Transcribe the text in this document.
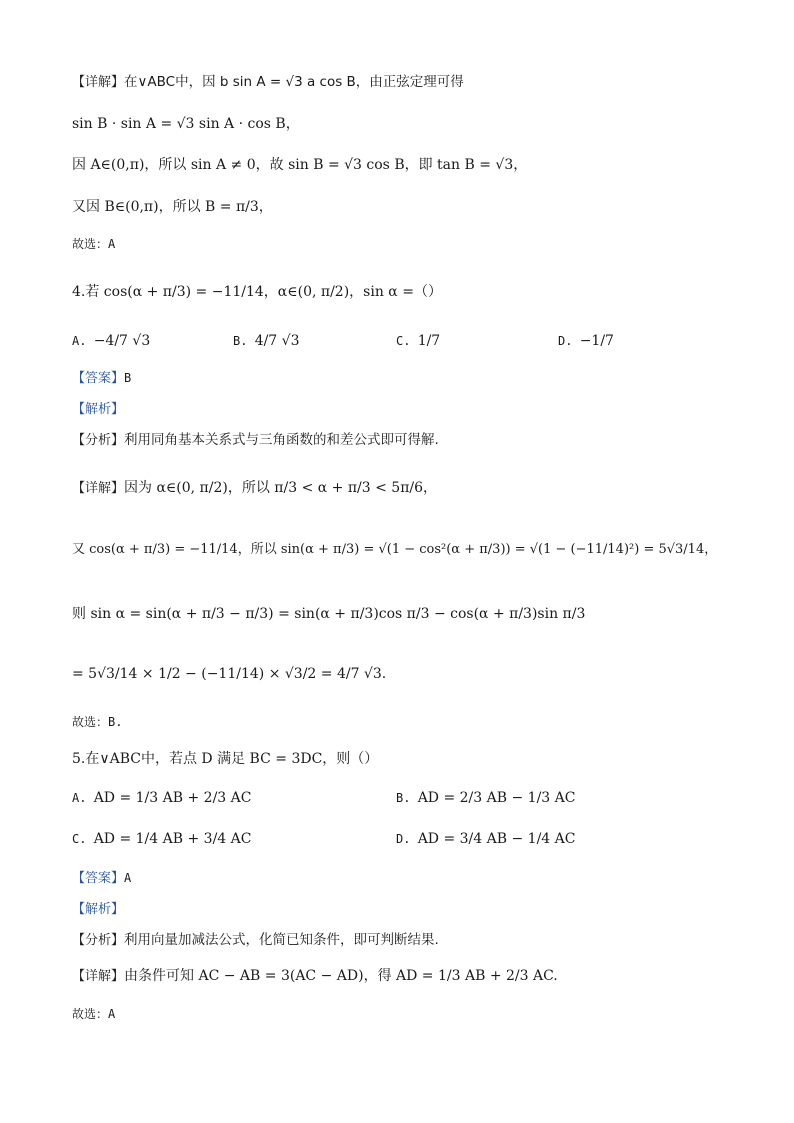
【详解】在∨ABC中，因 b sin A = √3 a cos B，由正弦定理可得
sin B · sin A = √3 sin A · cos B，
因 A∈(0,π)，所以 sin A ≠ 0，故 sin B = √3 cos B，即 tan B = √3，
又因 B∈(0,π)，所以 B = π/3，
故选：A
4.若 cos(α + π/3) = −11/14，α∈(0, π/2)，sin α =（）
A. −4/7 √3	B. 4/7 √3	C. 1/7	D. −1/7
【答案】B
【解析】
【分析】利用同角基本关系式与三角函数的和差公式即可得解.
【详解】因为 α∈(0, π/2)，所以 π/3 < α + π/3 < 5π/6，
又 cos(α + π/3) = −11/14，所以 sin(α + π/3) = √(1 − cos²(α + π/3)) = √(1 − (−11/14)²) = 5√3/14，
则 sin α = sin(α + π/3 − π/3) = sin(α + π/3)cos π/3 − cos(α + π/3)sin π/3
= 5√3/14 × 1/2 − (−11/14) × √3/2 = 4/7 √3.
故选：B.
5.在∨ABC中，若点 D 满足 BC = 3DC，则（）
A. AD = 1/3 AB + 2/3 AC	B. AD = 2/3 AB − 1/3 AC
C. AD = 1/4 AB + 3/4 AC	D. AD = 3/4 AB − 1/4 AC
【答案】A
【解析】
【分析】利用向量加减法公式，化简已知条件，即可判断结果.
【详解】由条件可知 AC − AB = 3(AC − AD)，得 AD = 1/3 AB + 2/3 AC.
故选：A
